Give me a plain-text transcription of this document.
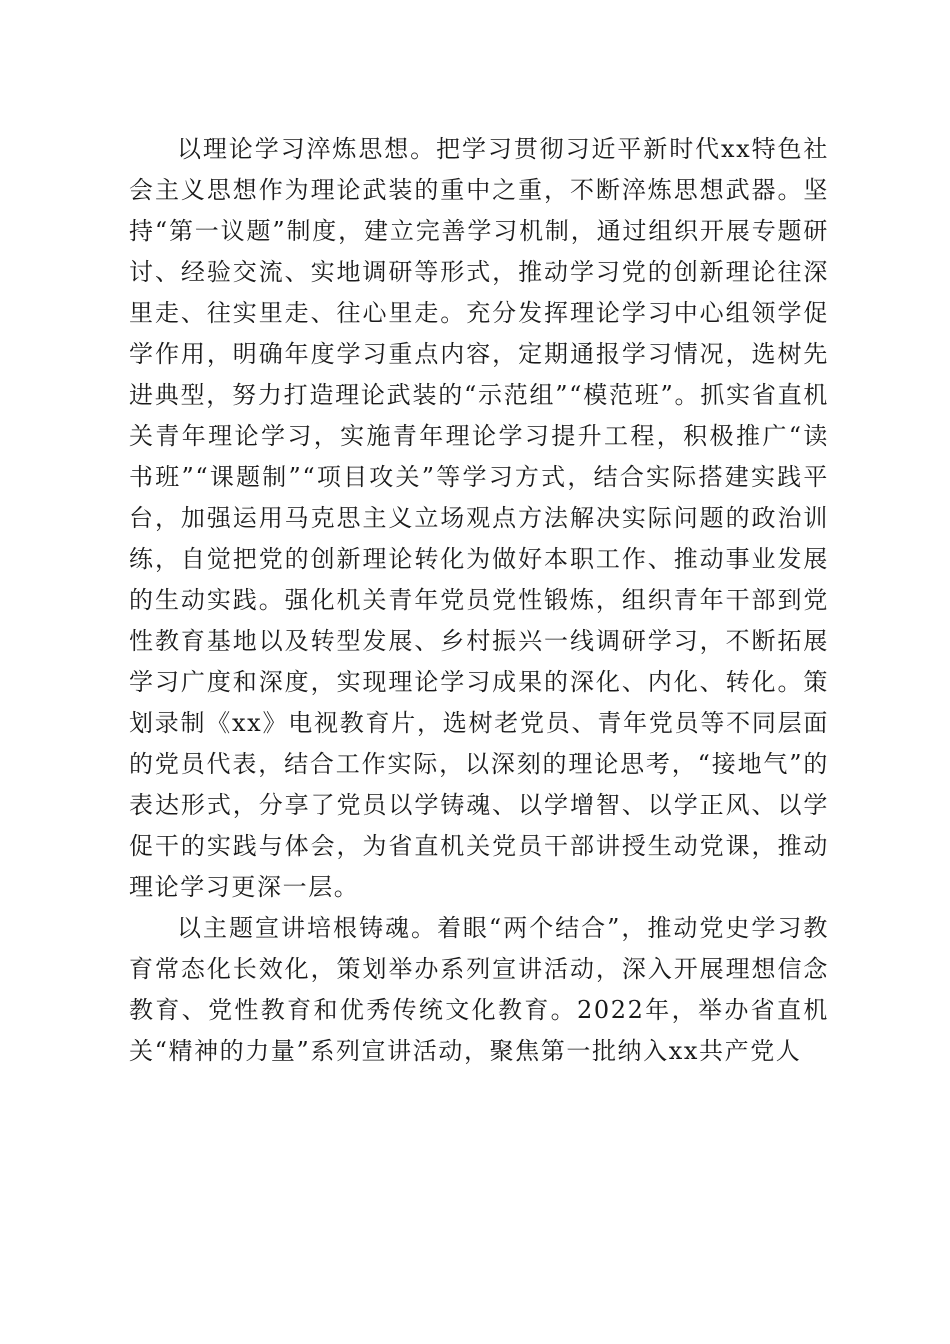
以理论学习淬炼思想。把学习贯彻习近平新时代xx特色社会主义思想作为理论武装的重中之重，不断淬炼思想武器。坚持“第一议题”制度，建立完善学习机制，通过组织开展专题研讨、经验交流、实地调研等形式，推动学习党的创新理论往深里走、往实里走、往心里走。充分发挥理论学习中心组领学促学作用，明确年度学习重点内容，定期通报学习情况，选树先进典型，努力打造理论武装的“示范组”“模范班”。抓实省直机关青年理论学习，实施青年理论学习提升工程，积极推广“读书班”“课题制”“项目攻关”等学习方式，结合实际搭建实践平台，加强运用马克思主义立场观点方法解决实际问题的政治训练，自觉把党的创新理论转化为做好本职工作、推动事业发展的生动实践。强化机关青年党员党性锻炼，组织青年干部到党性教育基地以及转型发展、乡村振兴一线调研学习，不断拓展学习广度和深度，实现理论学习成果的深化、内化、转化。策划录制《xx》电视教育片，选树老党员、青年党员等不同层面的党员代表，结合工作实际，以深刻的理论思考，“接地气”的表达形式，分享了党员以学铸魂、以学增智、以学正风、以学促干的实践与体会，为省直机关党员干部讲授生动党课，推动理论学习更深一层。

以主题宣讲培根铸魂。着眼“两个结合”，推动党史学习教育常态化长效化，策划举办系列宣讲活动，深入开展理想信念教育、党性教育和优秀传统文化教育。2022年，举办省直机关“精神的力量”系列宣讲活动，聚焦第一批纳入xx共产党人
